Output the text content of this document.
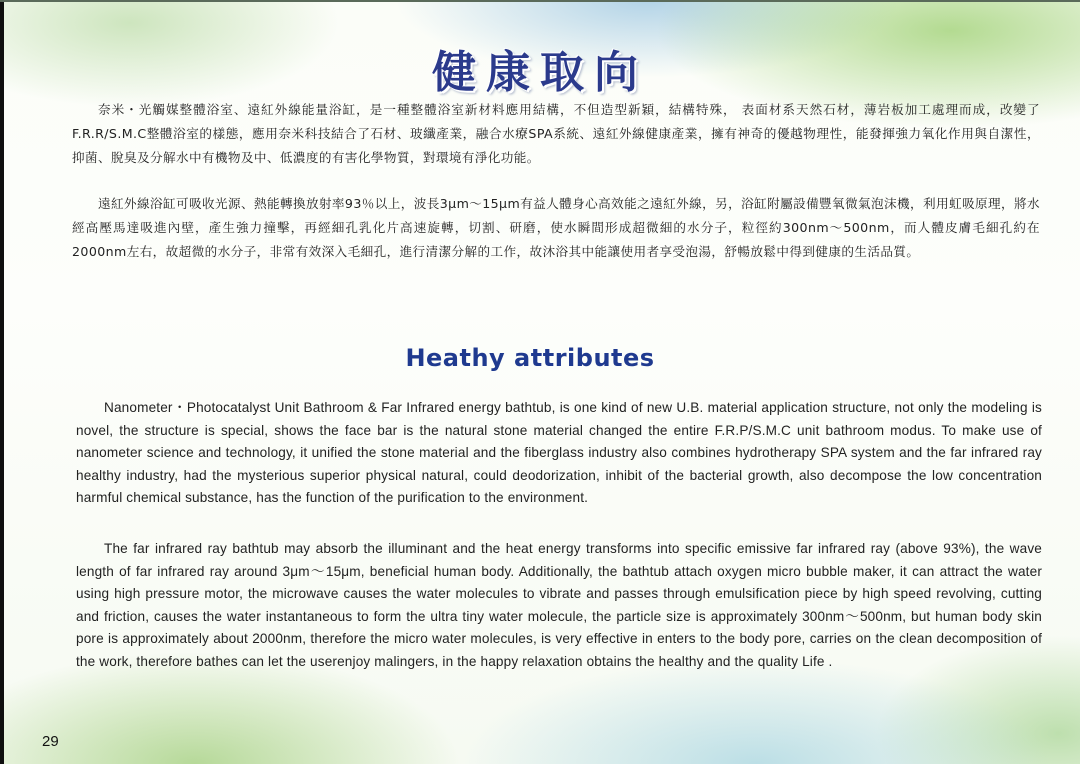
健康取向

奈米・光觸媒整體浴室、遠紅外線能量浴缸，是一種整體浴室新材料應用結構，不但造型新穎，結構特殊， 表面材系天然石材，薄岩板加工處理而成，改變了F.R.R/S.M.C整體浴室的樣態，應用奈米科技結合了石材、玻纖產業，融合水療SPA系統、遠紅外線健康產業，擁有神奇的優越物理性，能發揮強力氧化作用與自潔性，抑菌、脫臭及分解水中有機物及中、低濃度的有害化學物質，對環境有淨化功能。

遠紅外線浴缸可吸收光源、熱能轉換放射率93％以上，波長3μm～15μm有益人體身心高效能之遠紅外線，另，浴缸附屬設備豐氧微氣泡沫機，利用虹吸原理，將水經高壓馬達吸進內壁，產生強力撞擊，再經細孔乳化片高速旋轉，切割、研磨，使水瞬間形成超微細的水分子，粒徑約300nm～500nm，而人體皮膚毛細孔約在2000nm左右，故超微的水分子，非常有效深入毛細孔，進行清潔分解的工作，故沐浴其中能讓使用者享受泡湯，舒暢放鬆中得到健康的生活品質。

Heathy attributes

Nanometer・Photocatalyst Unit Bathroom & Far Infrared energy bathtub, is one kind of new U.B. material application structure, not only the modeling is novel, the structure is special, shows the face bar is the natural stone material changed the entire F.R.P/S.M.C unit bathroom modus. To make use of nanometer science and technology, it unified the stone material and the fiberglass industry also combines hydrotherapy SPA system and the far infrared ray healthy industry, had the mysterious superior physical natural, could deodorization, inhibit of the bacterial growth, also decompose the low concentration harmful chemical substance, has the function of the purification to the environment.

The far infrared ray bathtub may absorb the illuminant and the heat energy transforms into specific emissive far infrared ray (above 93%), the wave length of far infrared ray around 3μm～15μm, beneficial human body. Additionally, the bathtub attach oxygen micro bubble maker, it can attract the water using high pressure motor, the microwave causes the water molecules to vibrate and passes through emulsification piece by high speed revolving, cutting and friction, causes the water instantaneous to form the ultra tiny water molecule, the particle size is approximately 300nm～500nm, but human body skin pore is approximately about 2000nm, therefore the micro water molecules, is very effective in enters to the body pore, carries on the clean decomposition of the work, therefore bathes can let the userenjoy malingers, in the happy relaxation obtains the healthy and the quality Life .

29
